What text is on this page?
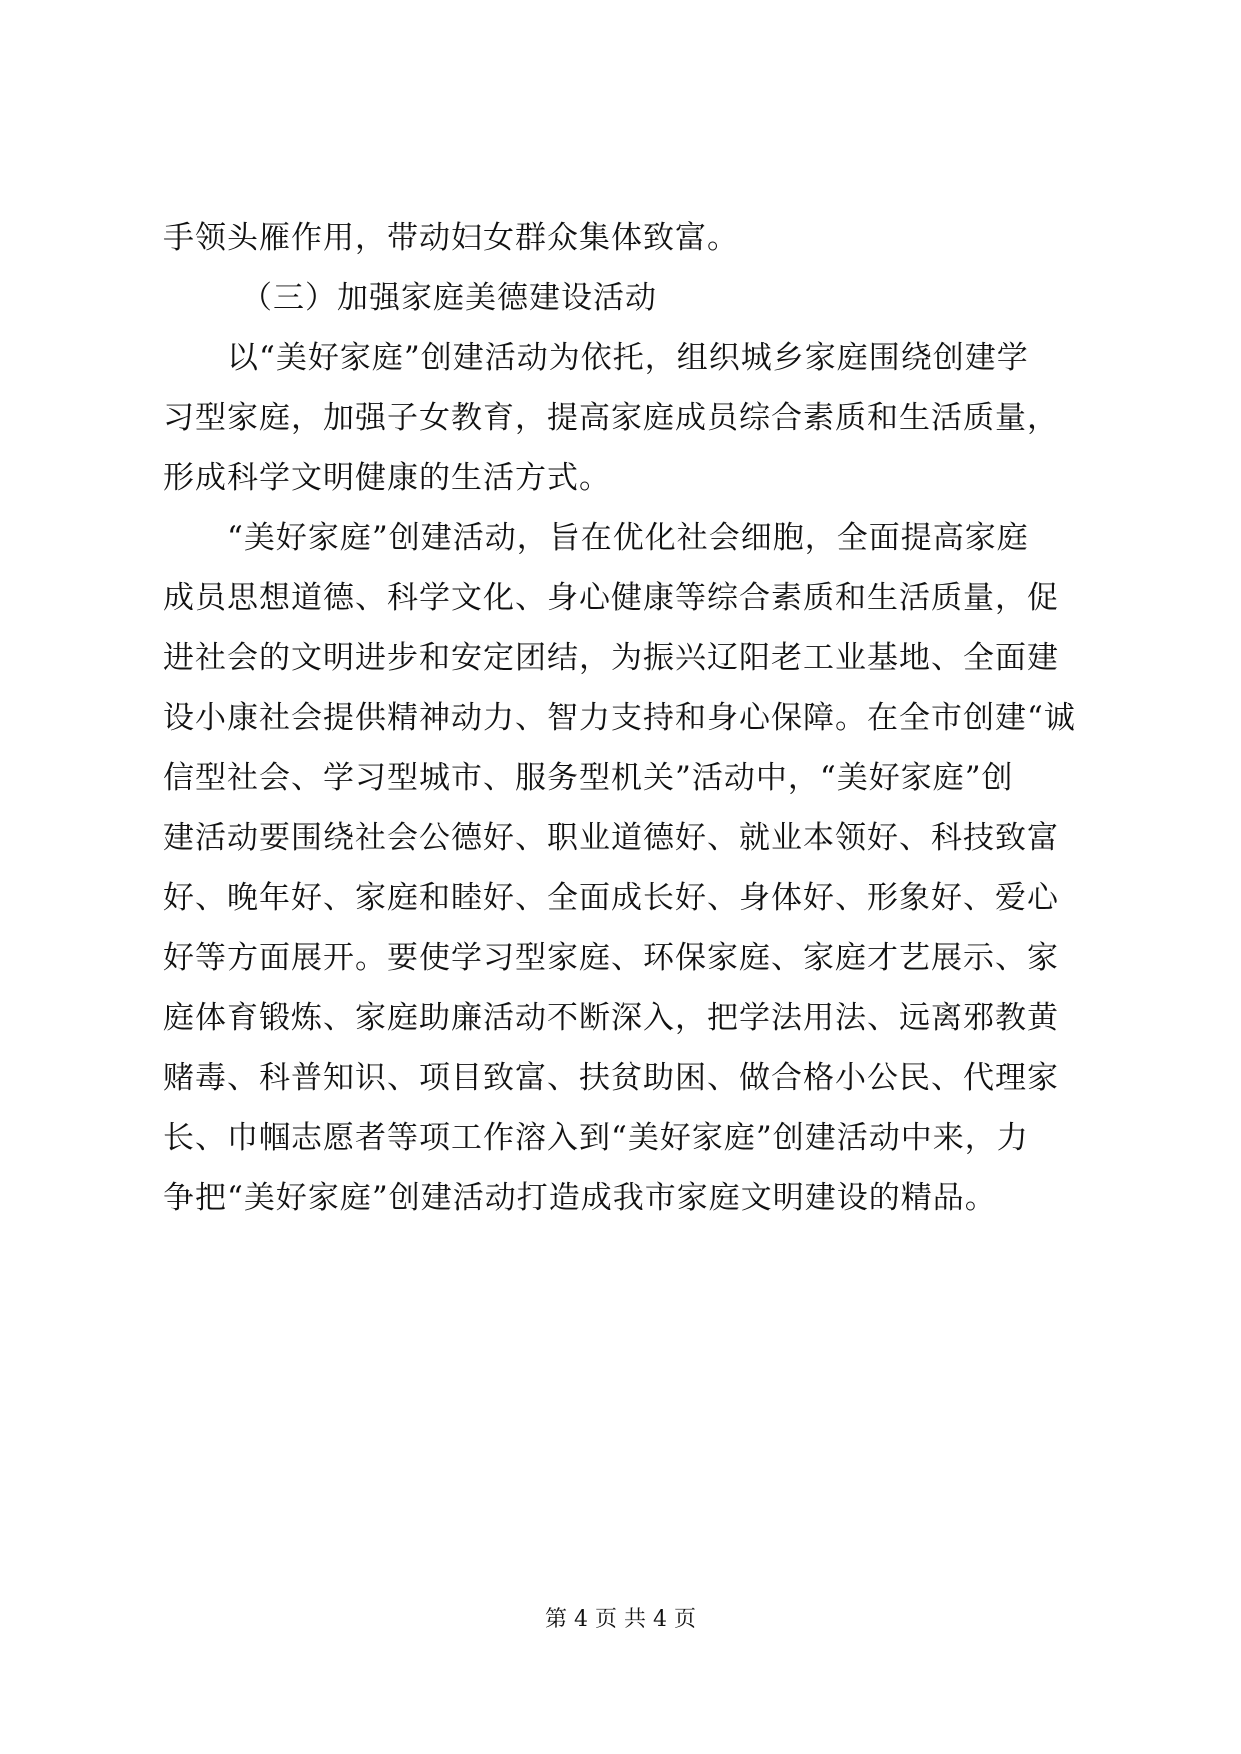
手领头雁作用，带动妇女群众集体致富。
（三）加强家庭美德建设活动
以“美好家庭”创建活动为依托，组织城乡家庭围绕创建学
习型家庭，加强子女教育，提高家庭成员综合素质和生活质量，
形成科学文明健康的生活方式。
“美好家庭”创建活动，旨在优化社会细胞，全面提高家庭
成员思想道德、科学文化、身心健康等综合素质和生活质量，促
进社会的文明进步和安定团结，为振兴辽阳老工业基地、全面建
设小康社会提供精神动力、智力支持和身心保障。在全市创建“诚
信型社会、学习型城市、服务型机关”活动中，“美好家庭”创
建活动要围绕社会公德好、职业道德好、就业本领好、科技致富
好、晚年好、家庭和睦好、全面成长好、身体好、形象好、爱心
好等方面展开。要使学习型家庭、环保家庭、家庭才艺展示、家
庭体育锻炼、家庭助廉活动不断深入，把学法用法、远离邪教黄
赌毒、科普知识、项目致富、扶贫助困、做合格小公民、代理家
长、巾帼志愿者等项工作溶入到“美好家庭”创建活动中来，力
争把“美好家庭”创建活动打造成我市家庭文明建设的精品。
第 4 页 共 4 页
